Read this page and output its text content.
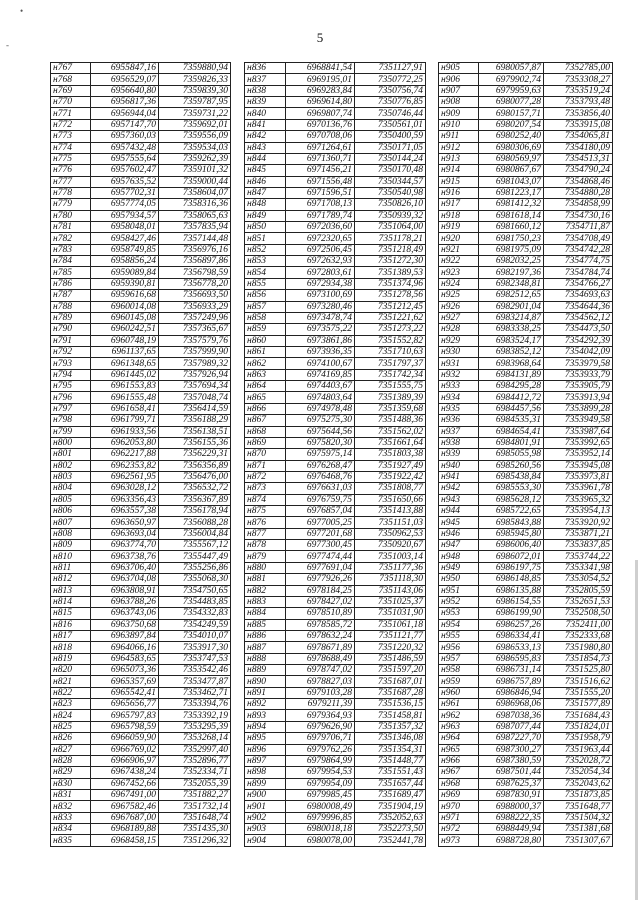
•
-	5
н767	6955847,16	7359880,94
н768	6956529,07	7359826,33
н769	6956640,80	7359839,30
н770	6956817,36	7359787,95
н771	6956944,04	7359731,22
н772	6957147,70	7359692,01
н773	6957360,03	7359556,09
н774	6957432,48	7359534,03
н775	6957555,64	7359262,39
н776	6957602,47	7359101,32
н777	6957635,52	7359000,44
н778	6957702,31	7358604,07
н779	6957774,05	7358316,36
н780	6957934,57	7358065,63
н781	6958048,01	7357835,94
н782	6958427,46	7357144,48
н783	6958749,85	7356976,16
н784	6958856,24	7356897,86
н785	6959089,84	7356798,59
н786	6959390,81	7356778,20
н787	6959616,68	7356693,50
н788	6960014,08	7356933,29
н789	6960145,08	7357249,96
н790	6960242,51	7357365,67
н791	6960748,19	7357579,76
н792	6961137,65	7357999,90
н793	6961348,65	7357989,32
н794	6961445,02	7357926,94
н795	6961553,83	7357694,34
н796	6961555,48	7357048,74
н797	6961658,41	7356414,59
н798	6961799,71	7356188,29
н799	6961933,56	7356138,51
н800	6962053,80	7356155,36
н801	6962217,88	7356229,31
н802	6962353,82	7356356,89
н803	6962561,95	7356476,00
н804	6963028,12	7356532,72
н805	6963356,43	7356367,89
н806	6963557,38	7356178,94
н807	6963650,97	7356088,28
н808	6963693,04	7356004,84
н809	6963774,70	7355567,12
н810	6963738,76	7355447,49
н811	6963706,40	7355256,86
н812	6963704,08	7355068,30
н813	6963808,91	7354750,65
н814	6963788,26	7354483,85
н815	6963743,06	7354332,83
н816	6963750,68	7354249,59
н817	6963897,84	7354010,07
н818	6964066,16	7353917,30
н819	6964583,65	7353747,53
н820	6965073,36	7353542,46
н821	6965357,69	7353477,87
н822	6965542,41	7353462,71
н823	6965656,77	7353394,76
н824	6965797,83	7353392,19
н825	6965798,59	7353295,39
н826	6966059,90	7353268,14
н827	6966769,02	7352997,40
н828	6966906,97	7352896,77
н829	6967438,24	7352334,71
н830	6967452,66	7352055,39
н831	6967491,00	7351882,27
н832	6967582,46	7351732,14
н833	6967687,00	7351648,74
н834	6968189,88	7351435,30
н835	6968458,15	7351296,32
н836	6968841,54	7351127,91
н837	6969195,01	7350772,25
н838	6969283,84	7350756,74
н839	6969614,80	7350776,85
н840	6969807,74	7350746,44
н841	6970136,76	7350561,01
н842	6970708,06	7350400,59
н843	6971264,61	7350171,05
н844	6971360,71	7350144,24
н845	6971456,21	7350170,48
н846	6971556,48	7350344,57
н847	6971596,51	7350540,98
н848	6971708,13	7350826,10
н849	6971789,74	7350939,32
н850	6972036,60	7351064,00
н851	6972320,65	7351178,21
н852	6972506,45	7351218,49
н853	6972632,93	7351272,30
н854	6972803,61	7351389,53
н855	6972934,38	7351374,96
н856	6973100,69	7351278,56
н857	6973280,46	7351212,45
н858	6973478,74	7351221,62
н859	6973575,22	7351273,22
н860	6973861,86	7351552,82
н861	6973936,35	7351710,63
н862	6974100,67	7351797,37
н863	6974169,85	7351742,34
н864	6974403,67	7351555,75
н865	6974803,64	7351389,39
н866	6974978,48	7351359,68
н867	6975275,30	7351488,36
н868	6975644,56	7351562,02
н869	6975820,30	7351661,64
н870	6975975,14	7351803,38
н871	6976268,47	7351927,49
н872	6976468,76	7351922,42
н873	6976631,03	7351808,77
н874	6976759,75	7351650,66
н875	6976857,04	7351413,88
н876	6977005,25	7351151,03
н877	6977201,68	7350962,53
н878	6977300,45	7350920,67
н879	6977474,44	7351003,14
н880	6977691,04	7351177,36
н881	6977926,26	7351118,30
н882	6978184,25	7351143,06
н883	6978427,02	7351025,37
н884	6978510,89	7351031,90
н885	6978585,72	7351061,18
н886	6978632,24	7351121,77
н887	6978671,89	7351220,32
н888	6978688,49	7351486,59
н889	6978747,02	7351597,20
н890	6978827,03	7351687,01
н891	6979103,28	7351687,28
н892	6979211,39	7351536,15
н893	6979364,93	7351458,81
н894	6979626,90	7351357,32
н895	6979706,71	7351346,08
н896	6979762,26	7351354,31
н897	6979864,99	7351448,77
н898	6979954,53	7351551,43
н899	6979954,09	7351657,44
н900	6979985,45	7351689,47
н901	6980008,49	7351904,19
н902	6979996,85	7352052,63
н903	6980018,18	7352273,50
н904	6980078,00	7352441,78
н905	6980057,87	7352785,00
н906	6979902,74	7353308,27
н907	6979959,63	7353519,24
н908	6980077,28	7353793,48
н909	6980157,71	7353856,40
н910	6980207,54	7353915,08
н911	6980252,40	7354065,81
н912	6980306,69	7354180,09
н913	6980569,97	7354513,31
н914	6980867,67	7354790,24
н915	6981043,07	7354868,46
н916	6981223,17	7354880,28
н917	6981412,32	7354858,99
н918	6981618,14	7354730,16
н919	6981660,12	7354711,87
н920	6981750,23	7354708,49
н921	6981975,09	7354742,28
н922	6982032,25	7354774,75
н923	6982197,36	7354784,74
н924	6982348,81	7354766,27
н925	6982512,65	7354693,63
н926	6982901,04	7354644,36
н927	6983214,87	7354562,12
н928	6983338,25	7354473,50
н929	6983524,17	7354292,39
н930	6983852,12	7354042,09
н931	6983968,64	7353979,58
н932	6984131,89	7353933,79
н933	6984295,28	7353905,79
н934	6984412,72	7353913,94
н935	6984457,56	7353899,28
н936	6984535,31	7353949,58
н937	6984654,41	7353987,64
н938	6984801,91	7353992,65
н939	6985055,98	7353952,14
н940	6985260,56	7353945,08
н941	6985438,84	7353973,81
н942	6985553,30	7353961,78
н943	6985628,12	7353965,32
н944	6985722,65	7353954,13
н945	6985843,88	7353920,92
н946	6985945,80	7353871,21
н947	6986006,40	7353837,85
н948	6986072,01	7353744,22
н949	6986197,75	7353341,98
н950	6986148,85	7353054,52
н951	6986135,88	7352805,59
н952	6986154,55	7352651,53
н953	6986199,90	7352508,50
н954	6986257,26	7352411,00
н955	6986334,41	7352333,68
н956	6986533,13	7351980,80
н957	6986595,83	7351854,73
н958	6986731,14	7351525,80
н959	6986757,89	7351516,62
н960	6986846,94	7351555,20
н961	6986968,06	7351577,89
н962	6987038,36	7351684,43
н963	6987077,44	7351824,01
н964	6987227,70	7351958,79
н965	6987300,27	7351963,44
н966	6987380,59	7352028,72
н967	6987501,44	7352054,34
н968	6987625,37	7352043,62
н969	6987830,91	7351873,85
н970	6988000,37	7351648,77
н971	6988222,35	7351504,32
н972	6988449,94	7351381,68
н973	6988728,80	7351307,67
